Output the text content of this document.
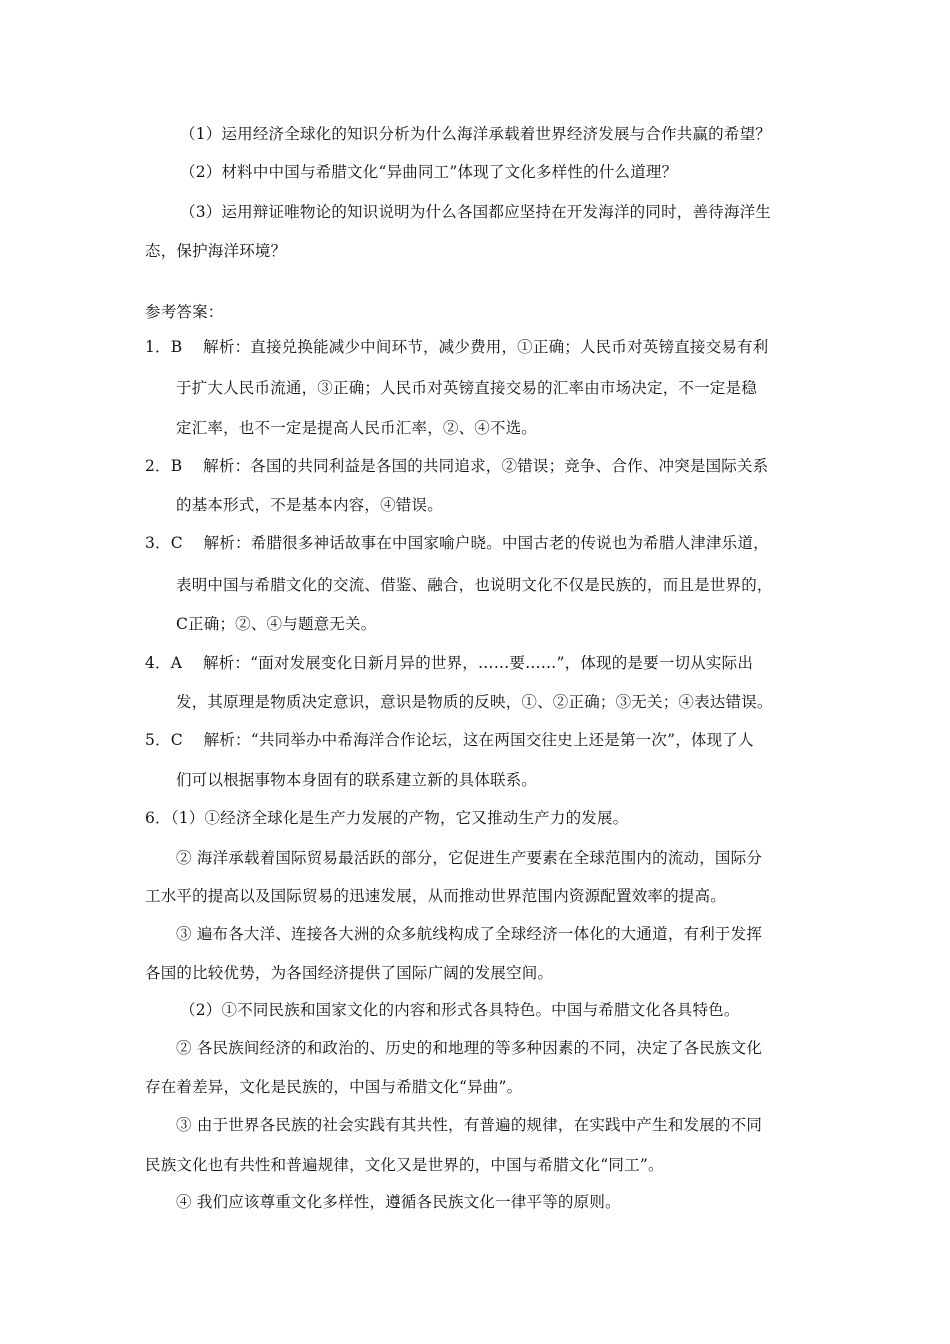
（1）运用经济全球化的知识分析为什么海洋承载着世界经济发展与合作共赢的希望？
（2）材料中中国与希腊文化“异曲同工”体现了文化多样性的什么道理？
（3）运用辩证唯物论的知识说明为什么各国都应坚持在开发海洋的同时，善待海洋生
态，保护海洋环境？
参考答案：
1．B　 解析：直接兑换能减少中间环节，减少费用，①正确；人民币对英镑直接交易有利
于扩大人民币流通，③正确；人民币对英镑直接交易的汇率由市场决定，不一定是稳
定汇率，也不一定是提高人民币汇率，②、④不选。
2．B　 解析：各国的共同利益是各国的共同追求，②错误；竞争、合作、冲突是国际关系
的基本形式，不是基本内容，④错误。
3．C　 解析：希腊很多神话故事在中国家喻户晓。中国古老的传说也为希腊人津津乐道，
表明中国与希腊文化的交流、借鉴、融合，也说明文化不仅是民族的，而且是世界的，
C正确；②、④与题意无关。
4．A　 解析：“面对发展变化日新月异的世界，……要……”，体现的是要一切从实际出
发，其原理是物质决定意识，意识是物质的反映，①、②正确；③无关；④表达错误。
5．C　 解析：“共同举办中希海洋合作论坛，这在两国交往史上还是第一次”，体现了人
们可以根据事物本身固有的联系建立新的具体联系。
6．（1）①经济全球化是生产力发展的产物，它又推动生产力的发展。
② 海洋承载着国际贸易最活跃的部分，它促进生产要素在全球范围内的流动，国际分
工水平的提高以及国际贸易的迅速发展，从而推动世界范围内资源配置效率的提高。
③ 遍布各大洋、连接各大洲的众多航线构成了全球经济一体化的大通道，有利于发挥
各国的比较优势，为各国经济提供了国际广阔的发展空间。
（2）①不同民族和国家文化的内容和形式各具特色。中国与希腊文化各具特色。
② 各民族间经济的和政治的、历史的和地理的等多种因素的不同，决定了各民族文化
存在着差异，文化是民族的，中国与希腊文化“异曲”。
③ 由于世界各民族的社会实践有其共性，有普遍的规律，在实践中产生和发展的不同
民族文化也有共性和普遍规律，文化又是世界的，中国与希腊文化“同工”。
④ 我们应该尊重文化多样性，遵循各民族文化一律平等的原则。
